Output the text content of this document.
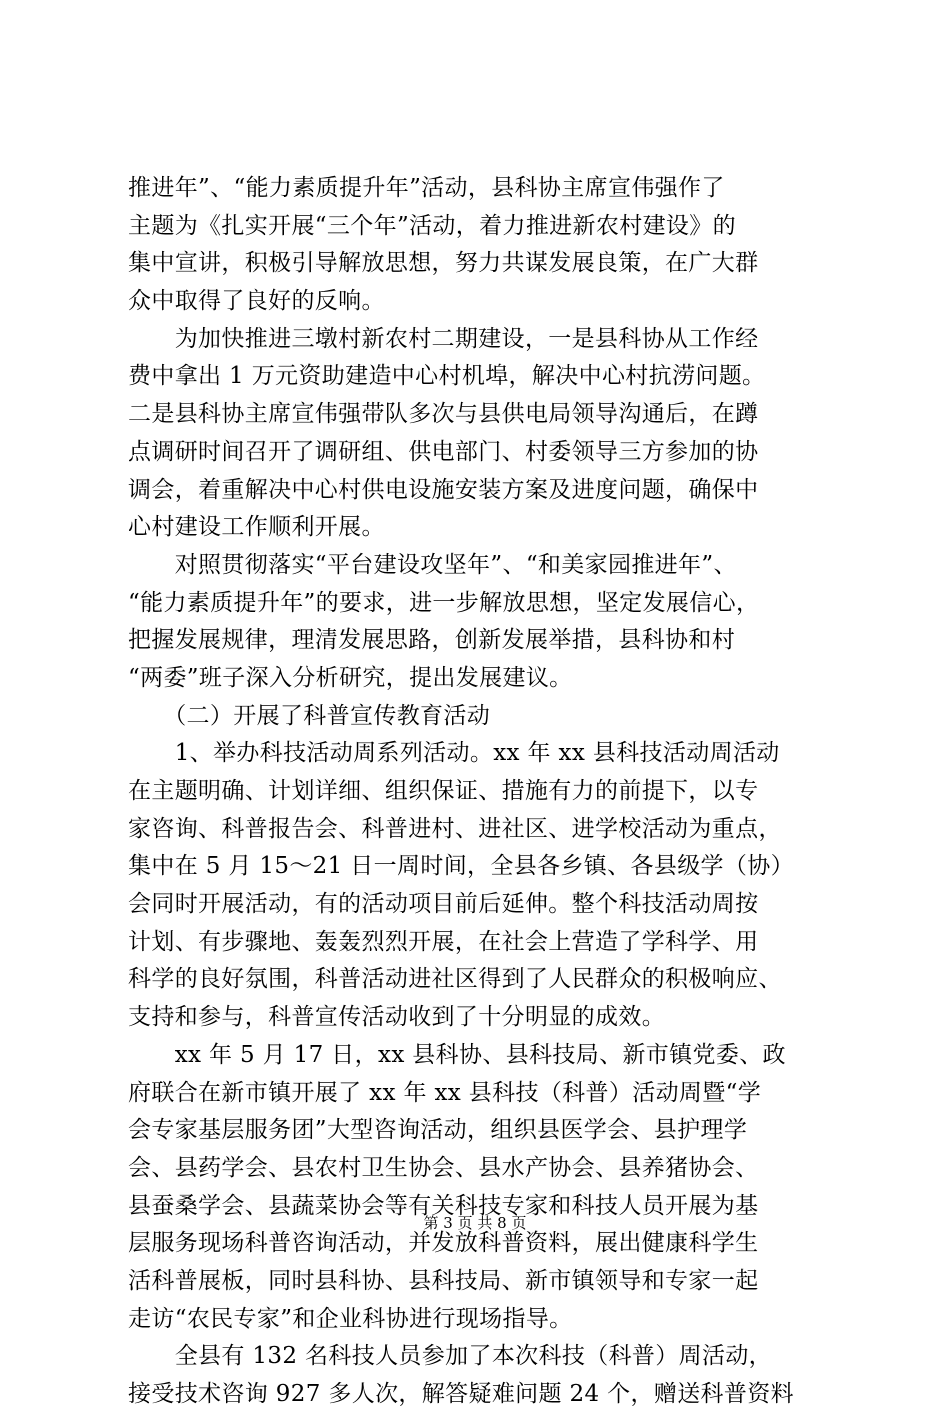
推进年”、“能力素质提升年”活动，县科协主席宣伟强作了
主题为《扎实开展“三个年”活动，着力推进新农村建设》的
集中宣讲，积极引导解放思想，努力共谋发展良策，在广大群
众中取得了良好的反响。
　　为加快推进三墩村新农村二期建设，一是县科协从工作经
费中拿出 1 万元资助建造中心村机埠，解决中心村抗涝问题。
二是县科协主席宣伟强带队多次与县供电局领导沟通后，在蹲
点调研时间召开了调研组、供电部门、村委领导三方参加的协
调会，着重解决中心村供电设施安装方案及进度问题，确保中
心村建设工作顺利开展。
　　对照贯彻落实“平台建设攻坚年”、“和美家园推进年”、
“能力素质提升年”的要求，进一步解放思想，坚定发展信心，
把握发展规律，理清发展思路，创新发展举措，县科协和村
“两委”班子深入分析研究，提出发展建议。
　　（二）开展了科普宣传教育活动
　　1、举办科技活动周系列活动。xx 年 xx 县科技活动周活动
在主题明确、计划详细、组织保证、措施有力的前提下，以专
家咨询、科普报告会、科普进村、进社区、进学校活动为重点，
集中在 5 月 15～21 日一周时间，全县各乡镇、各县级学（协）
会同时开展活动，有的活动项目前后延伸。整个科技活动周按
计划、有步骤地、轰轰烈烈开展，在社会上营造了学科学、用
科学的良好氛围，科普活动进社区得到了人民群众的积极响应、
支持和参与，科普宣传活动收到了十分明显的成效。
　　xx 年 5 月 17 日，xx 县科协、县科技局、新市镇党委、政
府联合在新市镇开展了 xx 年 xx 县科技（科普）活动周暨“学
会专家基层服务团”大型咨询活动，组织县医学会、县护理学
会、县药学会、县农村卫生协会、县水产协会、县养猪协会、
县蚕桑学会、县蔬菜协会等有关科技专家和科技人员开展为基
层服务现场科普咨询活动，并发放科普资料，展出健康科学生
活科普展板，同时县科协、县科技局、新市镇领导和专家一起
走访“农民专家”和企业科协进行现场指导。
　　全县有 132 名科技人员参加了本次科技（科普）周活动，
接受技术咨询 927 多人次，解答疑难问题 24 个，赠送科普资料
第 3 页 共 8 页
